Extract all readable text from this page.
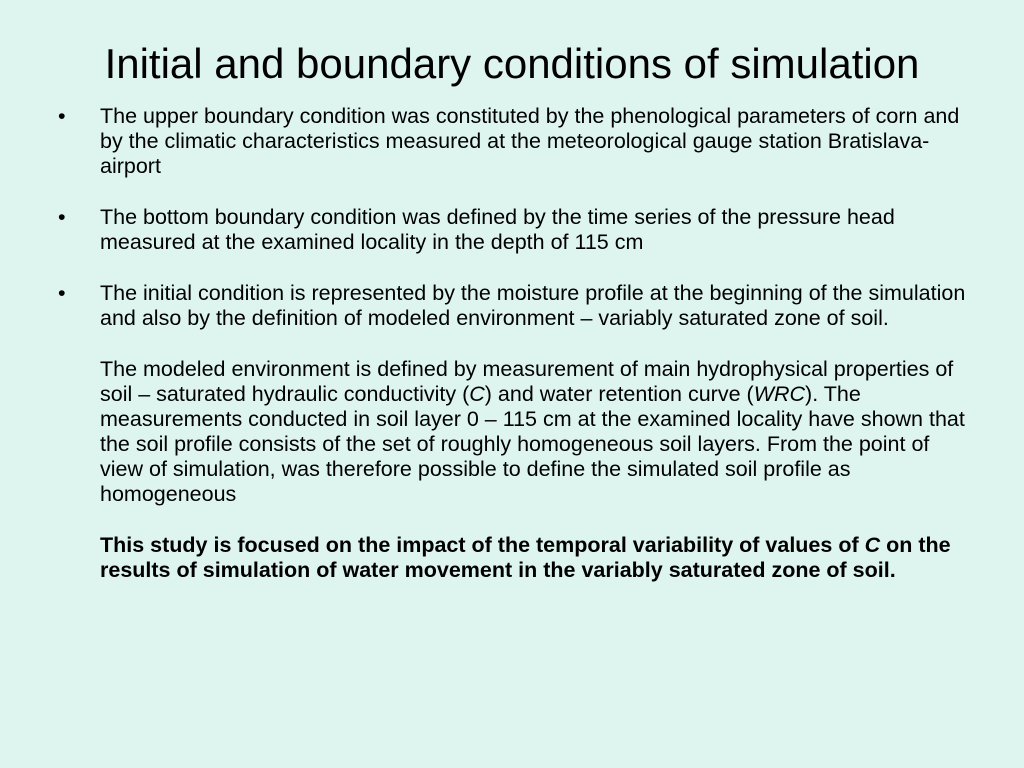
Initial and boundary conditions of simulation
•	The upper boundary condition was constituted by the phenological parameters of corn and by the climatic characteristics measured at the meteorological gauge station Bratislava-airport
•	The bottom boundary condition was defined by the time series of the pressure head measured at the examined locality in the depth of 115 cm
•	The initial condition is represented by the moisture profile at the beginning of the simulation and also by the definition of modeled environment – variably saturated zone of soil.
The modeled environment is defined by measurement of main hydrophysical properties of soil – saturated hydraulic conductivity (C) and water retention curve (WRC). The measurements conducted in soil layer 0 – 115 cm at the examined locality have shown that the soil profile consists of the set of roughly homogeneous soil layers. From the point of view of simulation, was therefore possible to define the simulated soil profile as homogeneous
This study is focused on the impact of the temporal variability of values of C on the results of simulation of water movement in the variably saturated zone of soil.
